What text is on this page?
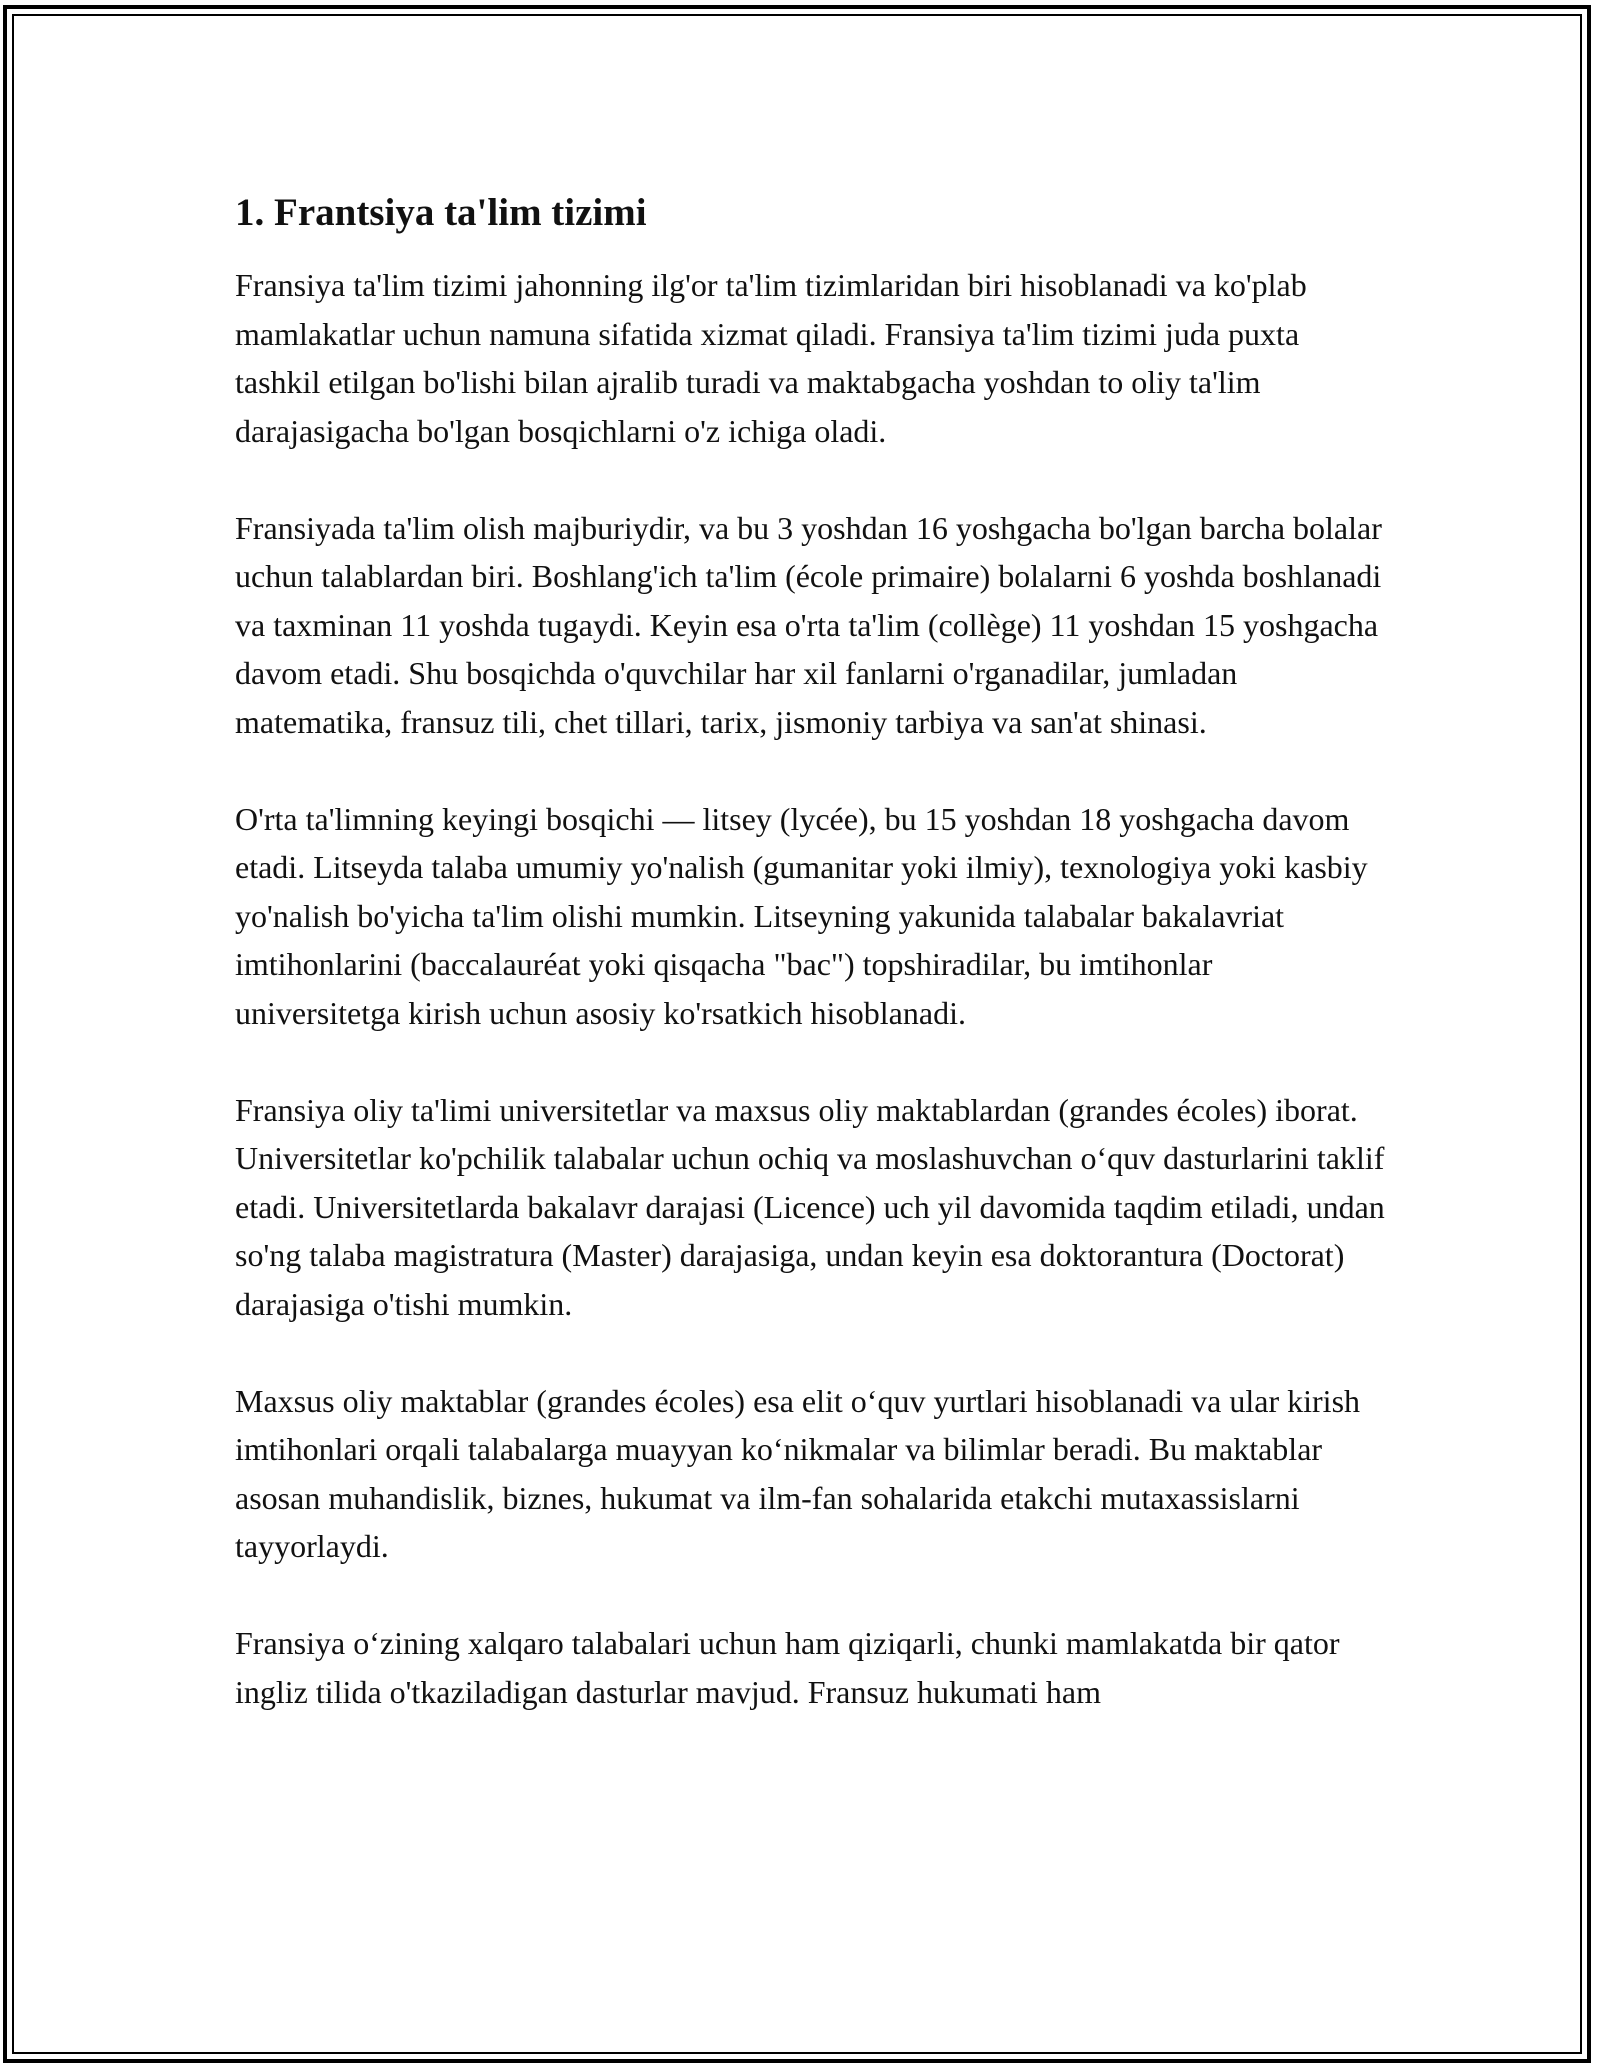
1. Frantsiya ta'lim tizimi

Fransiya ta'lim tizimi jahonning ilg'or ta'lim tizimlaridan biri hisoblanadi va ko'plab mamlakatlar uchun namuna sifatida xizmat qiladi. Fransiya ta'lim tizimi juda puxta tashkil etilgan bo'lishi bilan ajralib turadi va maktabgacha yoshdan to oliy ta'lim darajasigacha bo'lgan bosqichlarni o'z ichiga oladi.

Fransiyada ta'lim olish majburiydir, va bu 3 yoshdan 16 yoshgacha bo'lgan barcha bolalar uchun talablardan biri. Boshlang'ich ta'lim (école primaire) bolalarni 6 yoshda boshlanadi va taxminan 11 yoshda tugaydi. Keyin esa o'rta ta'lim (collège) 11 yoshdan 15 yoshgacha davom etadi. Shu bosqichda o'quvchilar har xil fanlarni o'rganadilar, jumladan matematika, fransuz tili, chet tillari, tarix, jismoniy tarbiya va san'at shinasi.

O'rta ta'limning keyingi bosqichi — litsey (lycée), bu 15 yoshdan 18 yoshgacha davom etadi. Litseyda talaba umumiy yo'nalish (gumanitar yoki ilmiy), texnologiya yoki kasbiy yo'nalish bo'yicha ta'lim olishi mumkin. Litseyning yakunida talabalar bakalavriat imtihonlarini (baccalauréat yoki qisqacha "bac") topshiradilar, bu imtihonlar universitetga kirish uchun asosiy ko'rsatkich hisoblanadi.

Fransiya oliy ta'limi universitetlar va maxsus oliy maktablardan (grandes écoles) iborat. Universitetlar ko'pchilik talabalar uchun ochiq va moslashuvchan o‘quv dasturlarini taklif etadi. Universitetlarda bakalavr darajasi (Licence) uch yil davomida taqdim etiladi, undan so'ng talaba magistratura (Master) darajasiga, undan keyin esa doktorantura (Doctorat) darajasiga o'tishi mumkin.

Maxsus oliy maktablar (grandes écoles) esa elit o‘quv yurtlari hisoblanadi va ular kirish imtihonlari orqali talabalarga muayyan ko‘nikmalar va bilimlar beradi. Bu maktablar asosan muhandislik, biznes, hukumat va ilm-fan sohalarida etakchi mutaxassislarni tayyorlaydi.

Fransiya o‘zining xalqaro talabalari uchun ham qiziqarli, chunki mamlakatda bir qator ingliz tilida o'tkaziladigan dasturlar mavjud. Fransuz hukumati ham
